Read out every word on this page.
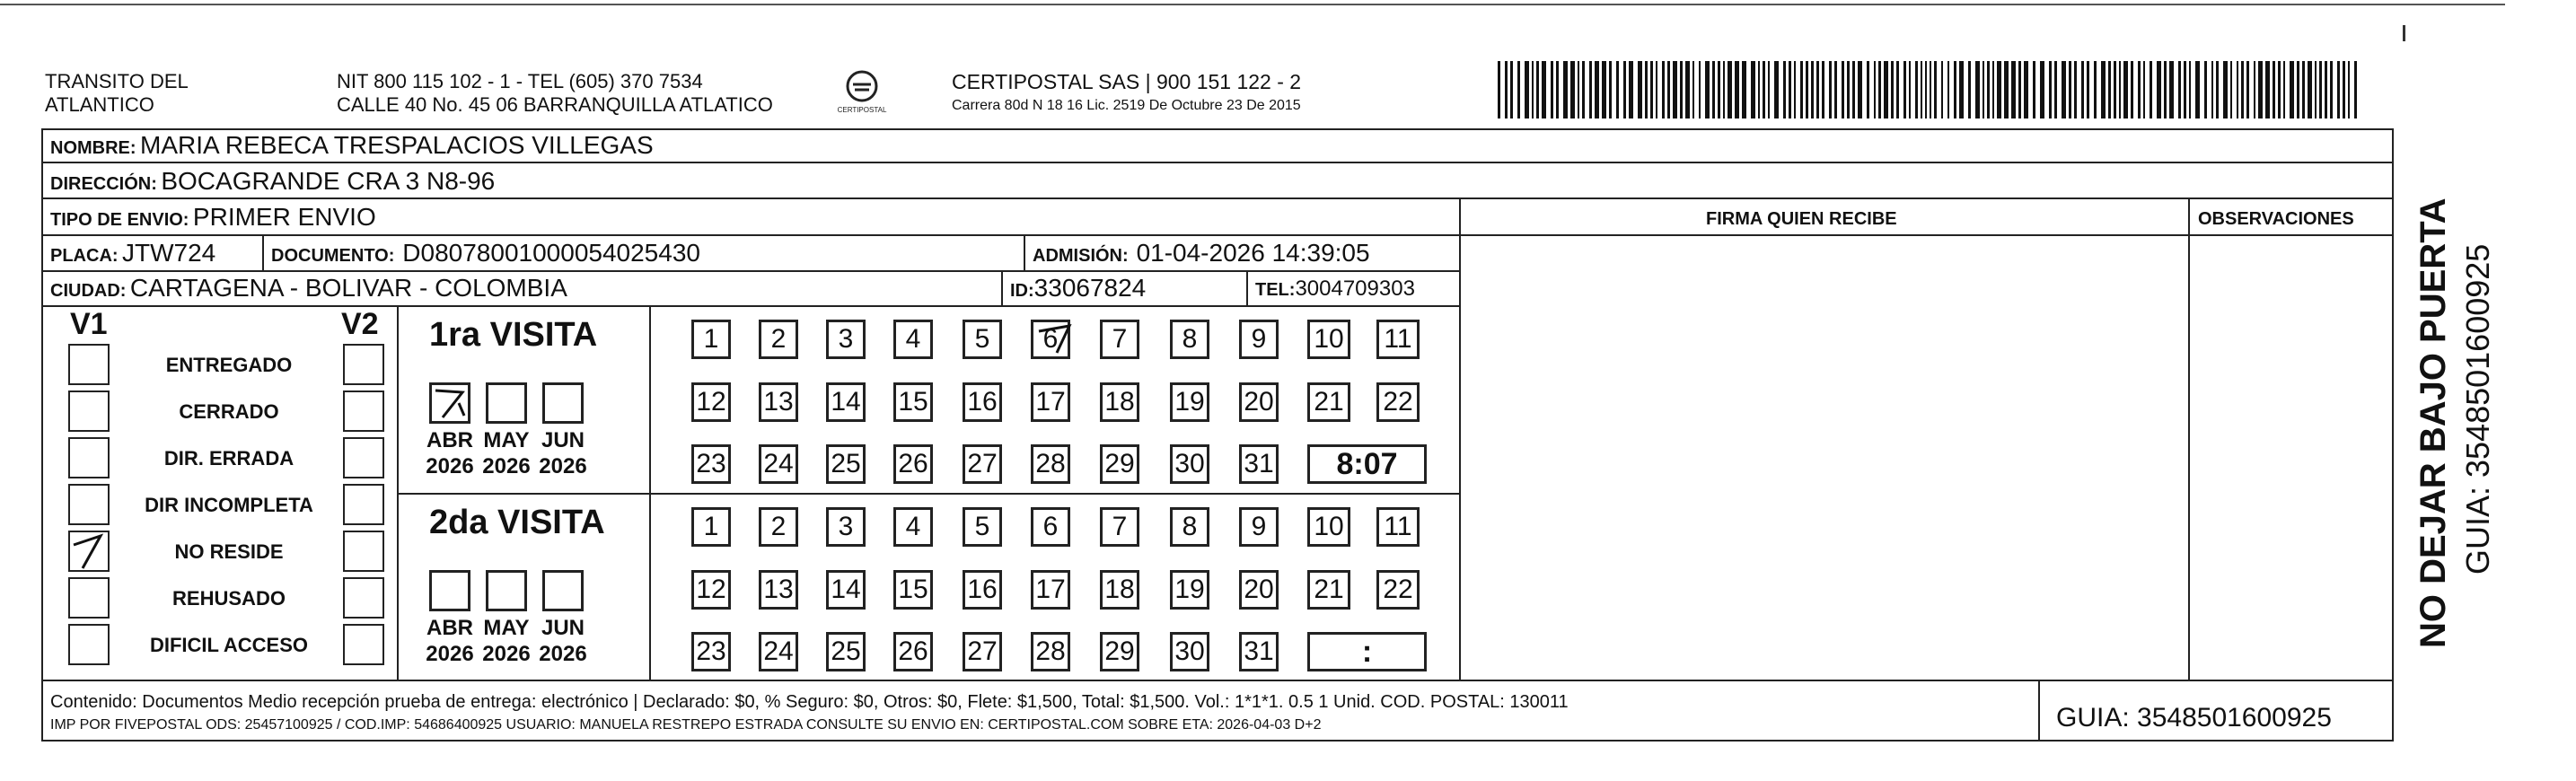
TRANSITO DEL
ATLANTICO
NIT 800 115 102 - 1 - TEL (605) 370 7534
CALLE 40 No. 45 06 BARRANQUILLA ATLATICO	CERTIPOSTAL
CERTIPOSTAL SAS | 900 151 122 - 2
Carrera 80d N 18 16 Lic. 2519 De Octubre 23 De 2015
NOMBRE: MARIA REBECA TRESPALACIOS VILLEGAS
DIRECCIÓN: BOCAGRANDE CRA 3 N8-96
TIPO DE ENVIO: PRIMER ENVIO	FIRMA QUIEN RECIBE	OBSERVACIONES
PLACA: JTW724	DOCUMENTO: D08078001000054025430	ADMISIÓN: 01-04-2026 14:39:05
CIUDAD: CARTAGENA - BOLIVAR - COLOMBIA	ID:33067824	TEL:3004709303
V1	V2
ENTREGADO
CERRADO
DIR. ERRADA
DIR INCOMPLETA
NO RESIDE
REHUSADO
DIFICIL ACCESO
1ra VISITA
ABR
2026
MAY
2026
JUN
2026
1	2	3	4	5	6	7	8	9	10 11
12 13 14 15 16 17 18 19 20 21 22
23 24 25 26 27 28 29 30 31	8:07
2da VISITA
ABR
2026
MAY
2026
JUN
2026
1	2	3	4	5	6	7	8	9	10 11
12 13 14 15 16 17 18 19 20 21 22
23 24 25 26 27 28 29 30 31	:
Contenido: Documentos Medio recepción prueba de entrega: electrónico | Declarado: $0, % Seguro: $0, Otros: $0, Flete: $1,500, Total: $1,500. Vol.: 1*1*1. 0.5 1 Unid. COD. POSTAL: 130011
IMP POR FIVEPOSTAL ODS: 25457100925 / COD.IMP: 54686400925 USUARIO: MANUELA RESTREPO ESTRADA CONSULTE SU ENVIO EN: CERTIPOSTAL.COM SOBRE ETA: 2026-04-03 D+2	GUIA: 3548501600925
NO DEJAR BAJO PUERTA GUIA: 3548501600925
